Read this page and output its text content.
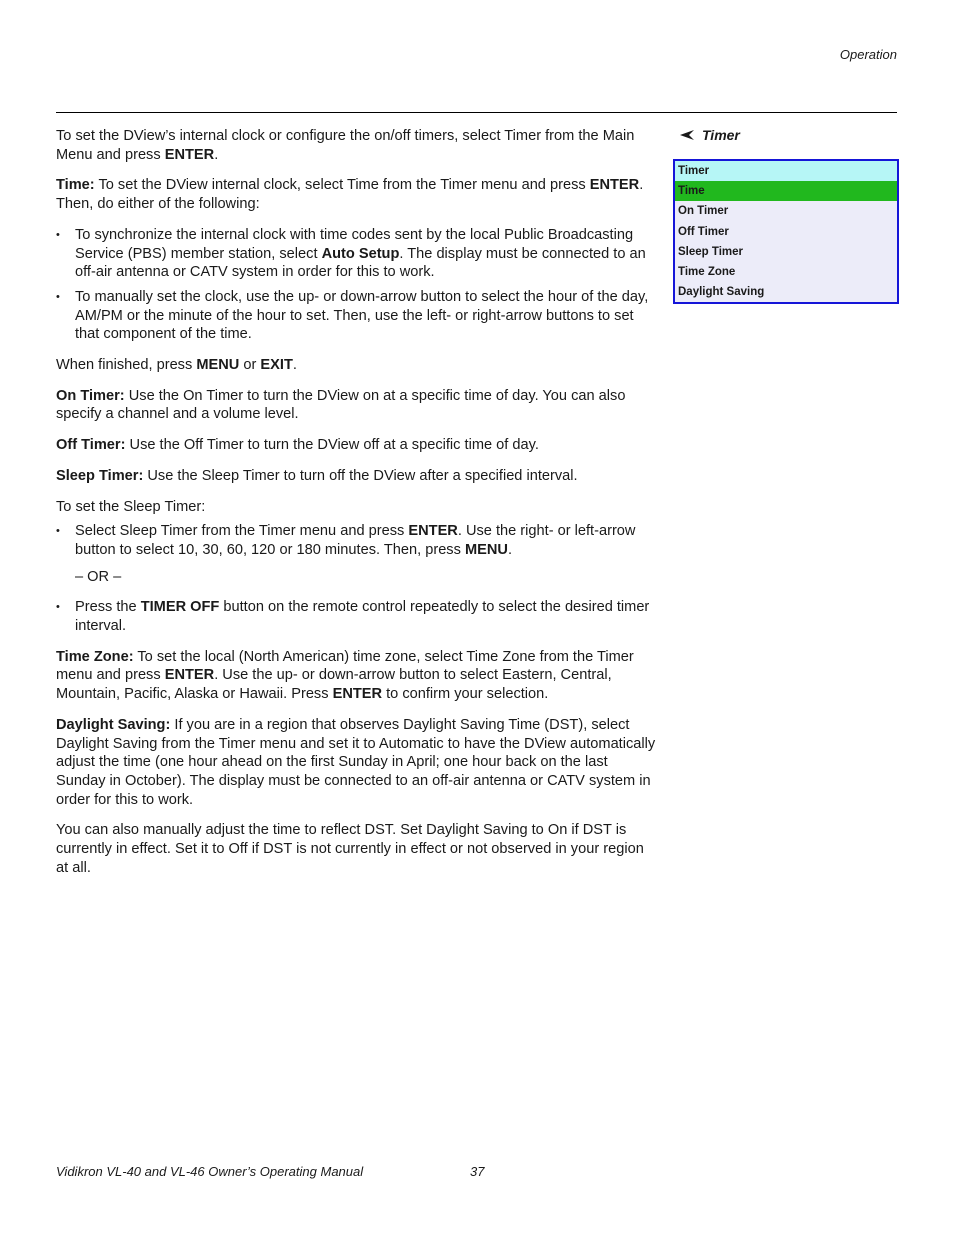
Operation

To set the DView’s internal clock or configure the on/off timers, select Timer from the Main Menu and press ENTER.

Time: To set the DView internal clock, select Time from the Timer menu and press ENTER. Then, do either of the following:

• To synchronize the internal clock with time codes sent by the local Public Broadcasting Service (PBS) member station, select Auto Setup. The display must be connected to an off-air antenna or CATV system in order for this to work.
• To manually set the clock, use the up- or down-arrow button to select the hour of the day, AM/PM or the minute of the hour to set. Then, use the left- or right-arrow buttons to set that component of the time.

When finished, press MENU or EXIT.

On Timer: Use the On Timer to turn the DView on at a specific time of day. You can also specify a channel and a volume level.

Off Timer: Use the Off Timer to turn the DView off at a specific time of day.

Sleep Timer: Use the Sleep Timer to turn off the DView after a specified interval.

To set the Sleep Timer:

• Select Sleep Timer from the Timer menu and press ENTER. Use the right- or left-arrow button to select 10, 30, 60, 120 or 180 minutes. Then, press MENU.

– OR –

• Press the TIMER OFF button on the remote control repeatedly to select the desired timer interval.

Time Zone: To set the local (North American) time zone, select Time Zone from the Timer menu and press ENTER. Use the up- or down-arrow button to select Eastern, Central, Mountain, Pacific, Alaska or Hawaii. Press ENTER to confirm your selection.

Daylight Saving: If you are in a region that observes Daylight Saving Time (DST), select Daylight Saving from the Timer menu and set it to Automatic to have the DView automatically adjust the time (one hour ahead on the first Sunday in April; one hour back on the last Sunday in October). The display must be connected to an off-air antenna or CATV system in order for this to work.

You can also manually adjust the time to reflect DST. Set Daylight Saving to On if DST is currently in effect. Set it to Off if DST is not currently in effect or not observed in your region at all.

Timer
Timer
Time
On Timer
Off Timer
Sleep Timer
Time Zone
Daylight Saving
Vidikron VL-40 and VL-46 Owner’s Operating Manual	37
